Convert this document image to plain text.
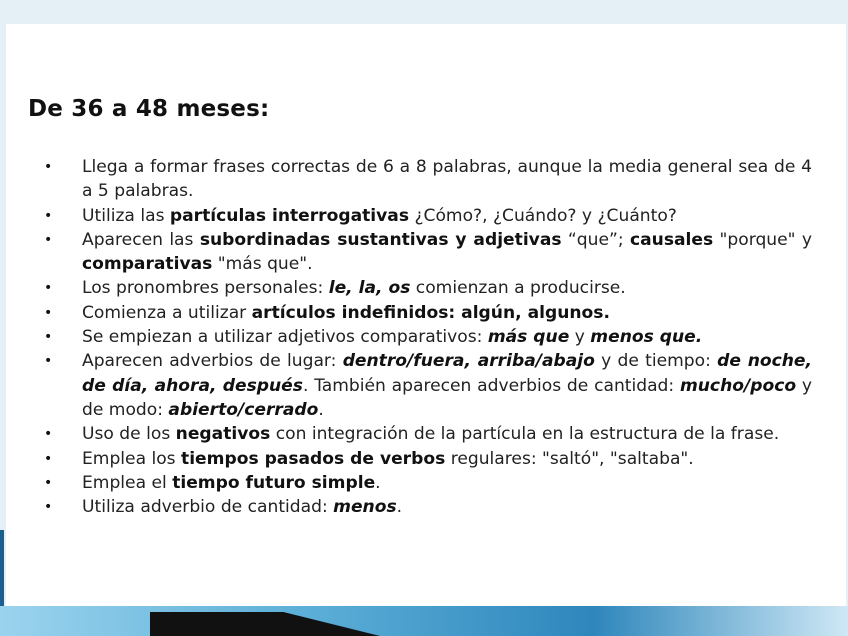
De 36 a 48 meses:
• Llega a formar frases correctas de 6 a 8 palabras, aunque la media general sea de 4 a 5 palabras.
• Utiliza las partículas interrogativas ¿Cómo?, ¿Cuándo? y ¿Cuánto?
• Aparecen las subordinadas sustantivas y adjetivas “que”; causales "porque" y comparativas "más que".
• Los pronombres personales: le, la, os comienzan a producirse.
• Comienza a utilizar artículos indefinidos: algún, algunos.
• Se empiezan a utilizar adjetivos comparativos: más que y menos que.
• Aparecen adverbios de lugar: dentro/fuera, arriba/abajo y de tiempo: de noche, de día, ahora, después. También aparecen adverbios de cantidad: mucho/poco y de modo: abierto/cerrado.
• Uso de los negativos con integración de la partícula en la estructura de la frase.
• Emplea los tiempos pasados de verbos regulares: "saltó", "saltaba".
• Emplea el tiempo futuro simple.
• Utiliza adverbio de cantidad: menos.
